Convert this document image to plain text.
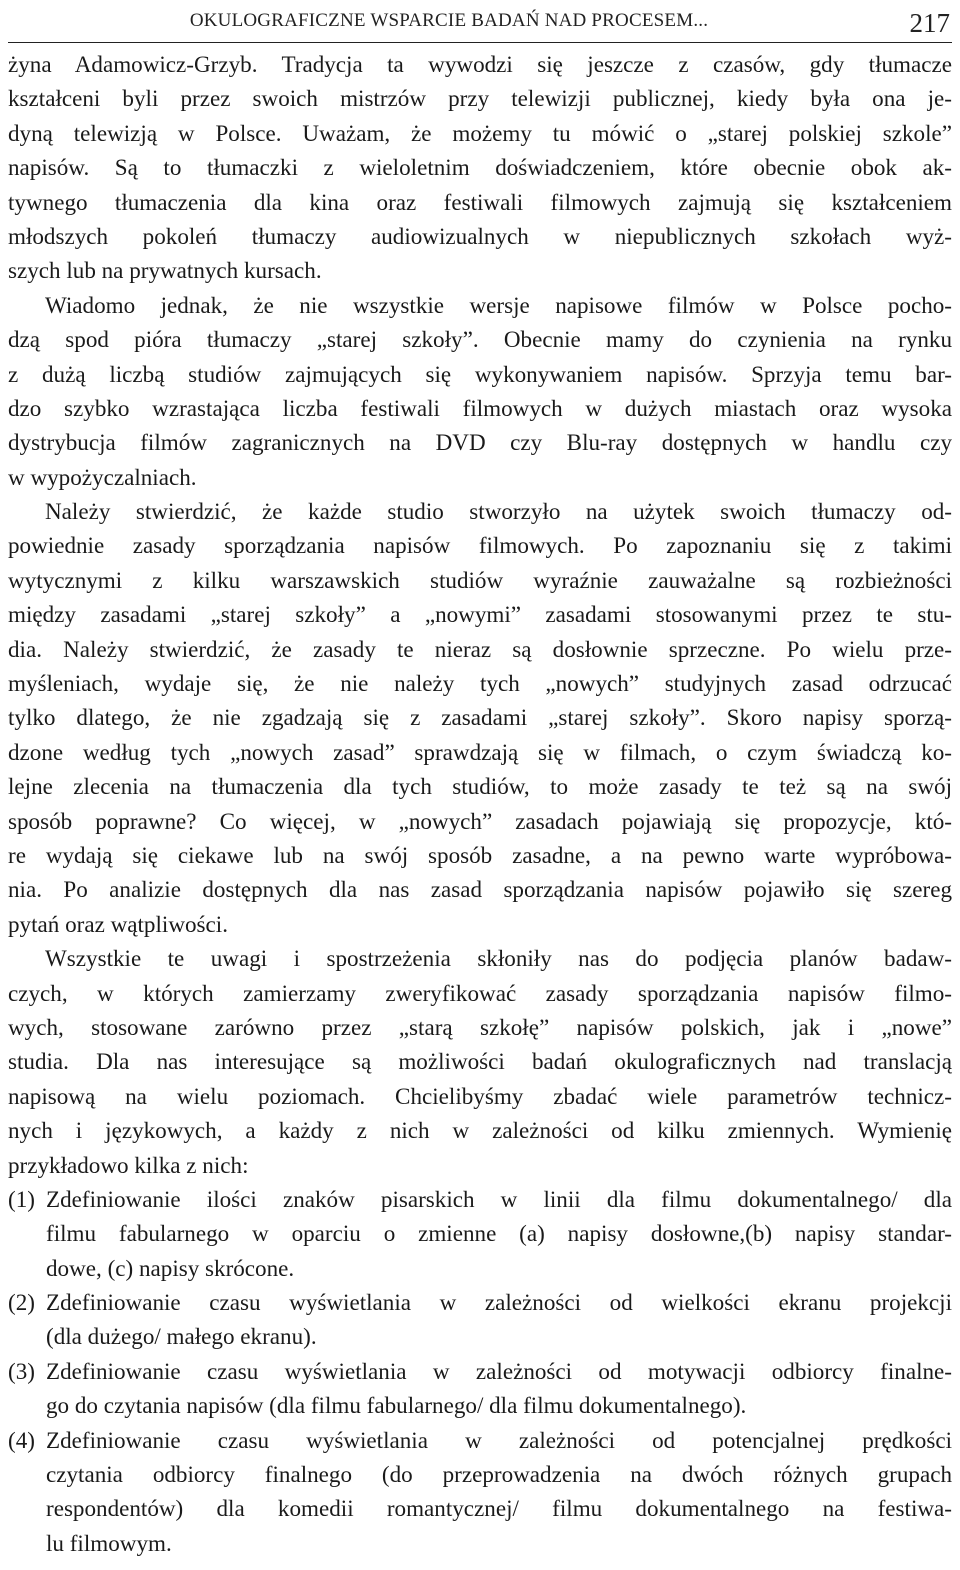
OKULOGRAFICZNE WSPARCIE BADAŃ NAD PROCESEM...	217
żyna Adamowicz-Grzyb. Tradycja ta wywodzi się jeszcze z czasów, gdy tłumacze
kształceni byli przez swoich mistrzów przy telewizji publicznej, kiedy była ona je-
dyną telewizją w Polsce. Uważam, że możemy tu mówić o „starej polskiej szkole”
napisów. Są to tłumaczki z wieloletnim doświadczeniem, które obecnie obok ak-
tywnego tłumaczenia dla kina oraz festiwali filmowych zajmują się kształceniem
młodszych pokoleń tłumaczy audiowizualnych w niepublicznych szkołach wyż-
szych lub na prywatnych kursach.
Wiadomo jednak, że nie wszystkie wersje napisowe filmów w Polsce pocho-
dzą spod pióra tłumaczy „starej szkoły”. Obecnie mamy do czynienia na rynku
z dużą liczbą studiów zajmujących się wykonywaniem napisów. Sprzyja temu bar-
dzo szybko wzrastająca liczba festiwali filmowych w dużych miastach oraz wysoka
dystrybucja filmów zagranicznych na DVD czy Blu-ray dostępnych w handlu czy
w wypożyczalniach.
Należy stwierdzić, że każde studio stworzyło na użytek swoich tłumaczy od-
powiednie zasady sporządzania napisów filmowych. Po zapoznaniu się z takimi
wytycznymi z kilku warszawskich studiów wyraźnie zauważalne są rozbieżności
między zasadami „starej szkoły” a „nowymi” zasadami stosowanymi przez te stu-
dia. Należy stwierdzić, że zasady te nieraz są dosłownie sprzeczne. Po wielu prze-
myśleniach, wydaje się, że nie należy tych „nowych” studyjnych zasad odrzucać
tylko dlatego, że nie zgadzają się z zasadami „starej szkoły”. Skoro napisy sporzą-
dzone według tych „nowych zasad” sprawdzają się w filmach, o czym świadczą ko-
lejne zlecenia na tłumaczenia dla tych studiów, to może zasady te też są na swój
sposób poprawne? Co więcej, w „nowych” zasadach pojawiają się propozycje, któ-
re wydają się ciekawe lub na swój sposób zasadne, a na pewno warte wypróbowa-
nia. Po analizie dostępnych dla nas zasad sporządzania napisów pojawiło się szereg
pytań oraz wątpliwości.
Wszystkie te uwagi i spostrzeżenia skłoniły nas do podjęcia planów badaw-
czych, w których zamierzamy zweryfikować zasady sporządzania napisów filmo-
wych, stosowane zarówno przez „starą szkołę” napisów polskich, jak i „nowe”
studia. Dla nas interesujące są możliwości badań okulograficznych nad translacją
napisową na wielu poziomach. Chcielibyśmy zbadać wiele parametrów technicz-
nych i językowych, a każdy z nich w zależności od kilku zmiennych. Wymienię
przykładowo kilka z nich:
(1) Zdefiniowanie ilości znaków pisarskich w linii dla filmu dokumentalnego/ dla
filmu fabularnego w oparciu o zmienne (a) napisy dosłowne,(b) napisy standar-
dowe, (c) napisy skrócone.
(2) Zdefiniowanie czasu wyświetlania w zależności od wielkości ekranu projekcji
(dla dużego/ małego ekranu).
(3) Zdefiniowanie czasu wyświetlania w zależności od motywacji odbiorcy finalne-
go do czytania napisów (dla filmu fabularnego/ dla filmu dokumentalnego).
(4) Zdefiniowanie czasu wyświetlania w zależności od potencjalnej prędkości
czytania odbiorcy finalnego (do przeprowadzenia na dwóch różnych grupach
respondentów) dla komedii romantycznej/ filmu dokumentalnego na festiwa-
lu filmowym.
